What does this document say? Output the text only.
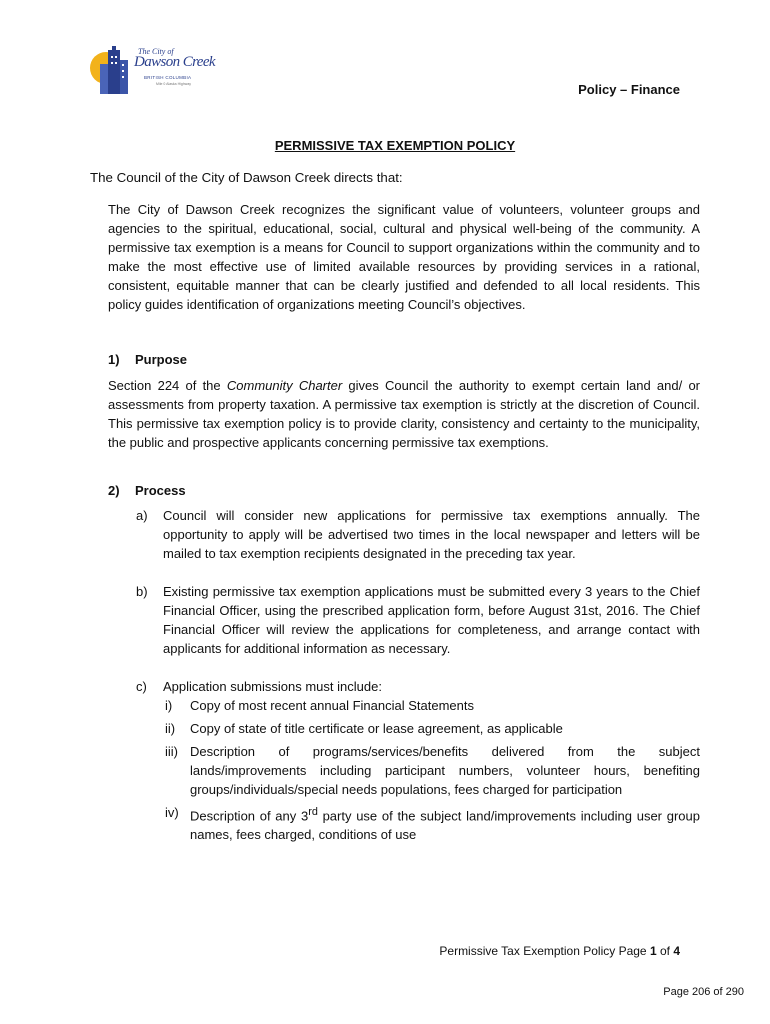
The City of
Dawson Creek
BRITISH COLUMBIA
Mile 0 Alaska Highway	Policy – Finance
PERMISSIVE TAX EXEMPTION POLICY
The Council of the City of Dawson Creek directs that:
The City of Dawson Creek recognizes the significant value of volunteers, volunteer groups and agencies to the spiritual, educational, social, cultural and physical well-being of the community. A permissive tax exemption is a means for Council to support organizations within the community and to make the most effective use of limited available resources by providing services in a rational, consistent, equitable manner that can be clearly justified and defended to all local residents. This policy guides identification of organizations meeting Council’s objectives.
1) Purpose
Section 224 of the Community Charter gives Council the authority to exempt certain land and/ or assessments from property taxation. A permissive tax exemption is strictly at the discretion of Council. This permissive tax exemption policy is to provide clarity, consistency and certainty to the municipality, the public and prospective applicants concerning permissive tax exemptions.
2) Process
a) Council will consider new applications for permissive tax exemptions annually. The opportunity to apply will be advertised two times in the local newspaper and letters will be mailed to tax exemption recipients designated in the preceding tax year.
b) Existing permissive tax exemption applications must be submitted every 3 years to the Chief Financial Officer, using the prescribed application form, before August 31st, 2016. The Chief Financial Officer will review the applications for completeness, and arrange contact with applicants for additional information as necessary.
c) Application submissions must include:
i) Copy of most recent annual Financial Statements
ii) Copy of state of title certificate or lease agreement, as applicable
iii) Description of programs/services/benefits delivered from the subject lands/improvements including participant numbers, volunteer hours, benefiting groups/individuals/special needs populations, fees charged for participation
iv) Description of any 3rd party use of the subject land/improvements including user group names, fees charged, conditions of use
Permissive Tax Exemption Policy Page 1 of 4
Page 206 of 290
